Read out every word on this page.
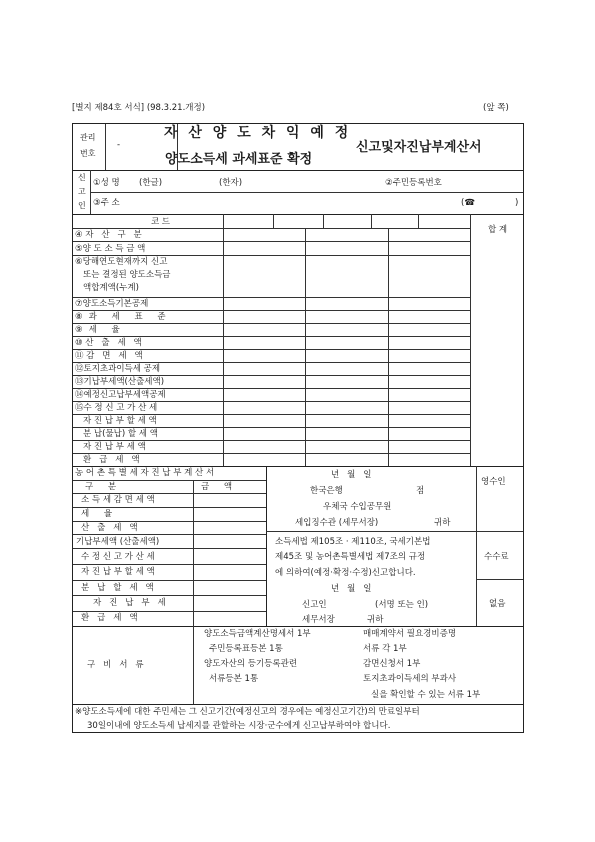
[별지 제84호 서식] (98.3.21.개정)	(앞 쪽)
관리
번호
-
자 산 양 도 차 익 예 정
양도소득세 과세표준 확정
신고및자진납부계산서
신
고
인
①성 명 (한글)	(한자)	②주민등록번호
③주 소	(☎	)
합 계
코드
④자 산 구 분
⑤양 도 소 득 금 액
⑥당해연도현재까지 신고
또는 결정된 양도소득금
액합계액(누계)
⑦양도소득기본공제
⑧과 세 표 준
⑨세 율
⑩산 출 세 액
⑪감 면 세 액
⑫토지초과이득세 공제
⑬기납부세액(산출세액)
⑭예정신고납부세액공제
⑮수 정 신 고 가 산 세
자 진 납 부 할 세 액
분 납(물납) 할 세 액
자 진 납 부 세 액
환 급 세 액
농 어 촌 특 별 세 자 진 납 부 계 산 서
구 분	금 액
소 득 세 감 면 세 액
세 율
산 출 세 액
기납부세액 (산출세액)
수 정 신 고 가 산 세
자 진 납 부 할 세 액
분 납 할 세 액
자 진 납 부 세
환 급 세 액
년 월 일
한국은행	점
우체국 수입공무원
세입징수관 (세무서장)	귀하
영수인
소득세법 제105조 · 제110조, 국세기본법
제45조 및 농어촌특별세법 제7조의 규정
에 의하여(예정·확정·수정)신고합니다.
년 월 일
신고인	(서명 또는 인)
세무서장	귀하
수수료
없음
구 비 서 류
양도소득금액계산명세서 1부	매매계약서 필요경비증명
주민등록표등본 1통	서류 각 1부
양도자산의 등기등록관련	감면신청서 1부
서류등본 1통	토지초과이득세의 부과사
실을 확인할 수 있는 서류 1부
※양도소득세에 대한 주민세는 그 신고기간(예정신고의 경우에는 예정신고기간)의 만료일부터
30일이내에 양도소득세 납세지를 관할하는 시장·군수에게 신고납부하여야 합니다.
